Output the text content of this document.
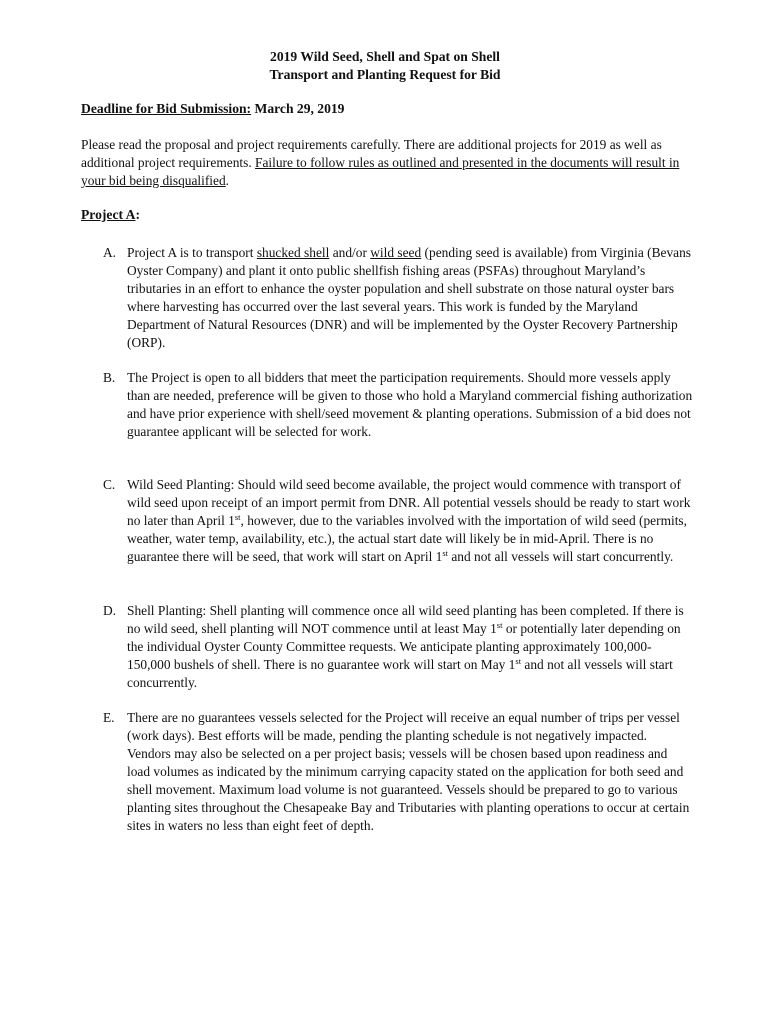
2019 Wild Seed, Shell and Spat on Shell
Transport and Planting Request for Bid
Deadline for Bid Submission: March 29, 2019
Please read the proposal and project requirements carefully. There are additional projects for 2019 as well as additional project requirements. Failure to follow rules as outlined and presented in the documents will result in your bid being disqualified.
Project A:
A. Project A is to transport shucked shell and/or wild seed (pending seed is available) from Virginia (Bevans Oyster Company) and plant it onto public shellfish fishing areas (PSFAs) throughout Maryland’s tributaries in an effort to enhance the oyster population and shell substrate on those natural oyster bars where harvesting has occurred over the last several years. This work is funded by the Maryland Department of Natural Resources (DNR) and will be implemented by the Oyster Recovery Partnership (ORP).
B. The Project is open to all bidders that meet the participation requirements. Should more vessels apply than are needed, preference will be given to those who hold a Maryland commercial fishing authorization and have prior experience with shell/seed movement & planting operations. Submission of a bid does not guarantee applicant will be selected for work.
C. Wild Seed Planting: Should wild seed become available, the project would commence with transport of wild seed upon receipt of an import permit from DNR. All potential vessels should be ready to start work no later than April 1st, however, due to the variables involved with the importation of wild seed (permits, weather, water temp, availability, etc.), the actual start date will likely be in mid-April. There is no guarantee there will be seed, that work will start on April 1st and not all vessels will start concurrently.
D. Shell Planting: Shell planting will commence once all wild seed planting has been completed. If there is no wild seed, shell planting will NOT commence until at least May 1st or potentially later depending on the individual Oyster County Committee requests. We anticipate planting approximately 100,000-150,000 bushels of shell. There is no guarantee work will start on May 1st and not all vessels will start concurrently.
E. There are no guarantees vessels selected for the Project will receive an equal number of trips per vessel (work days). Best efforts will be made, pending the planting schedule is not negatively impacted. Vendors may also be selected on a per project basis; vessels will be chosen based upon readiness and load volumes as indicated by the minimum carrying capacity stated on the application for both seed and shell movement. Maximum load volume is not guaranteed. Vessels should be prepared to go to various planting sites throughout the Chesapeake Bay and Tributaries with planting operations to occur at certain sites in waters no less than eight feet of depth.
